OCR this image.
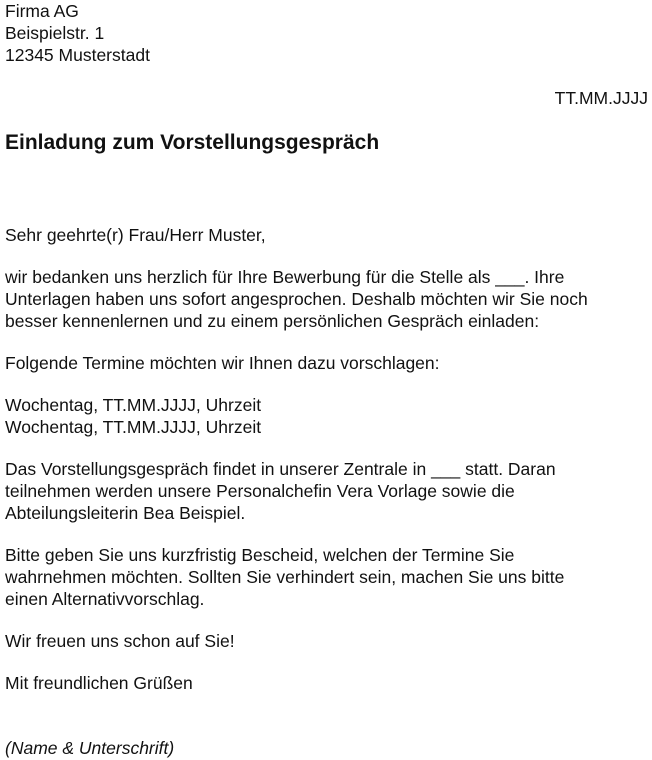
Firma AG
Beispielstr. 1
12345 Musterstadt
TT.MM.JJJJ
Einladung zum Vorstellungsgespräch

Sehr geehrte(r) Frau/Herr Muster,

wir bedanken uns herzlich für Ihre Bewerbung für die Stelle als ___. Ihre
Unterlagen haben uns sofort angesprochen. Deshalb möchten wir Sie noch
besser kennenlernen und zu einem persönlichen Gespräch einladen:

Folgende Termine möchten wir Ihnen dazu vorschlagen:

Wochentag, TT.MM.JJJJ, Uhrzeit
Wochentag, TT.MM.JJJJ, Uhrzeit

Das Vorstellungsgespräch findet in unserer Zentrale in ___ statt. Daran
teilnehmen werden unsere Personalchefin Vera Vorlage sowie die
Abteilungsleiterin Bea Beispiel.

Bitte geben Sie uns kurzfristig Bescheid, welchen der Termine Sie
wahrnehmen möchten. Sollten Sie verhindert sein, machen Sie uns bitte
einen Alternativvorschlag.

Wir freuen uns schon auf Sie!

Mit freundlichen Grüßen

(Name & Unterschrift)
